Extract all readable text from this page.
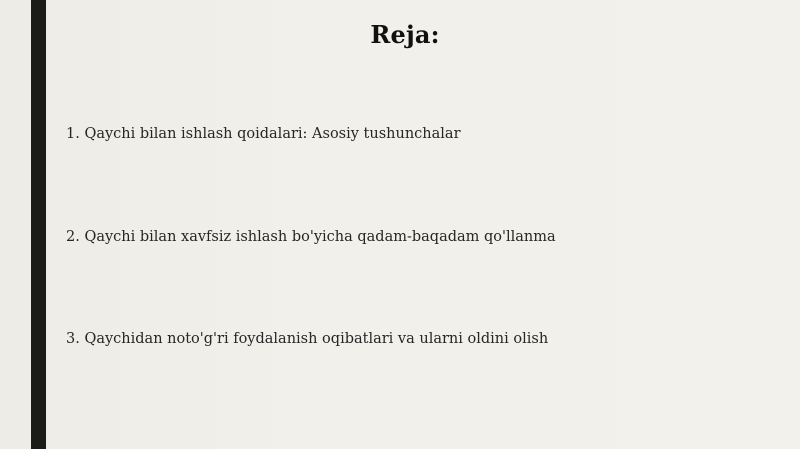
Reja:
1. Qaychi bilan ishlash qoidalari: Asosiy tushunchalar
2. Qaychi bilan xavfsiz ishlash bo'yicha qadam-baqadam qo'llanma
3. Qaychidan noto'g'ri foydalanish oqibatlari va ularni oldini olish
